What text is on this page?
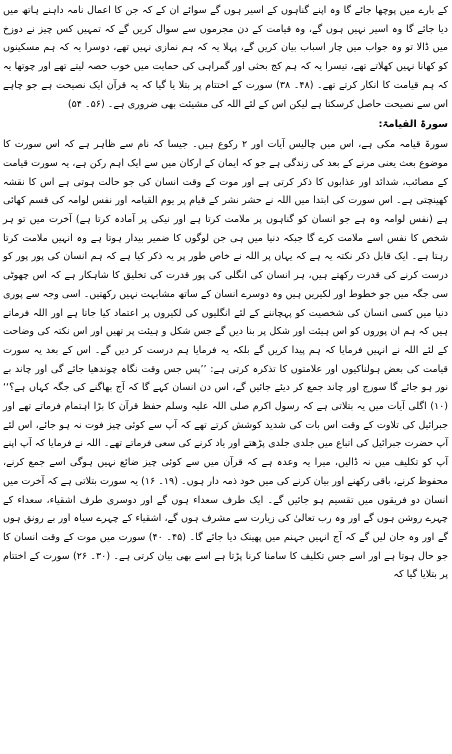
کے بارے میں پوچھا جائے گا وہ اپنے گناہوں کے اسیر ہوں گے سوائے ان کے کہ جن کا اعمال نامہ داہنے ہاتھ میں دیا جائے گا وہ اسیر نہیں ہوں گے، وہ قیامت کے دن مجرموں سے سوال کریں گے کہ تمہیں کس چیز نے دوزخ میں ڈالا تو وہ جواب میں چار اسباب بیان کریں گے، پہلا یہ کہ ہم نمازی نہیں تھے، دوسرا یہ کہ ہم مسکینوں کو کھانا نہیں کھلاتے تھے، تیسرا یہ کہ ہم کج بحثی اور گمراہی کی حمایت میں خوب حصہ لیتے تھے اور چوتھا یہ کہ ہم قیامت کا انکار کرتے تھے۔ (۴۸۔ ۳۸) سورت کے اختتام پر بتلا یا گیا کہ یہ قرآن ایک نصیحت ہے جو چاہے اس سے نصیحت حاصل کرسکتا ہے لیکن اس کے لئے اللہ کی مشیئت بھی ضروری ہے۔ (۵۶۔ ۵۴)

سورۃ القیامۃ:

سورۃ قیامہ مکی ہے، اس میں چالیس آیات اور ۲ رکوع ہیں۔ جیسا کہ نام سے ظاہر ہے کہ اس سورت کا موضوع بعث یعنی مرنے کے بعد کی زندگی ہے جو کہ ایمان کے ارکان میں سے ایک اہم رکن ہے، یہ سورت قیامت کے مصائب، شدائد اور عذابوں کا ذکر کرتی ہے اور موت کے وقت انسان کی جو حالت ہوتی ہے اس کا نقشہ کھینچتی ہے۔ اس سورت کی ابتدا میں اللہ نے حشر نشر کے قیام پر یوم القیامہ اور نفس لوامہ کی قسم کھائی ہے (نفس لوامہ وہ ہے جو انسان کو گناہوں پر ملامت کرتا ہے اور نیکی پر آمادہ کرتا ہے) آخرت میں تو ہر شخص کا نفس اسے ملامت کرے گا جبکہ دنیا میں ہی جن لوگوں کا ضمیر بیدار ہوتا ہے وہ انہیں ملامت کرتا رہتا ہے۔ ایک قابل ذکر نکتہ یہ ہے کہ یہاں پر اللہ نے خاص طور پر یہ ذکر کیا ہے کہ ہم انسان کی پور پور کو درست کرنے کی قدرت رکھتے ہیں، ہر انسان کی انگلی کی پور قدرت کی تخلیق کا شاہکار ہے کہ اس چھوٹی سی جگہ میں جو خطوط اور لکیریں ہیں وہ دوسرے انسان کے ساتھ مشابہت نہیں رکھتیں۔ اسی وجہ سے پوری دنیا میں کسی انسان کی شخصیت کو پہچاننے کے لئے انگلیوں کی لکیروں پر اعتماد کیا جاتا ہے اور اللہ فرماتے ہیں کہ ہم ان پوروں کو اس ہیئت اور شکل پر بنا دیں گے جس شکل و ہیئت پر تھیں اور اس نکتہ کی وضاحت کے لئے اللہ نے انہیں فرمایا کہ ہم پیدا کریں گے بلکہ یہ فرمایا ہم درست کر دیں گے۔ اس کے بعد یہ سورت قیامت کی بعض ہولناکیوں اور علامتوں کا تذکرہ کرتی ہے: ’’پس جس وقت نگاہ چوندھیا جائے گی اور چاند بے نور ہو جائے گا سورج اور چاند جمع کر دیئے جائیں گے، اس دن انسان کہے گا کہ آج بھاگنے کی جگہ کہاں ہے؟‘‘ (۱۰) اگلی آیات میں یہ بتلاتی ہے کہ رسول اکرم صلی اللہ علیہ وسلم حفظ قرآن کا بڑا اہتمام فرماتے تھے اور جبرائیل کی تلاوت کے وقت اس بات کی شدید کوشش کرتے تھے کہ آپ سے کوئی چیز فوت نہ ہو جائے، اس لئے آپ حضرت جبرائیل کی اتباع میں جلدی جلدی پڑھتے اور یاد کرنے کی سعی فرماتے تھے۔ اللہ نے فرمایا کہ آپ اپنے آپ کو تکلیف میں نہ ڈالیں، میرا یہ وعدہ ہے کہ قرآن میں سے کوئی چیز ضائع نہیں ہوگی اسے جمع کرنے، محفوظ کرنے، باقی رکھنے اور بیان کرنے کی میں خود ذمہ دار ہوں۔ (۱۹۔ ۱۶) یہ سورت بتلاتی ہے کہ آخرت میں انسان دو فریقوں میں تقسیم ہو جائیں گے۔ ایک طرف سعداء ہوں گے اور دوسری طرف اشقیاء، سعداء کے چہرے روشن ہوں گے اور وہ رب تعالیٰ کی زیارت سے مشرف ہوں گے، اشقیاء کے چہرے سیاہ اور بے رونق ہوں گے اور وہ جان لیں گے کہ آج انہیں جہنم میں پھینک دیا جائے گا۔ (۴۵۔ ۴۰) سورت میں موت کے وقت انسان کا جو حال ہوتا ہے اور اسے جس تکلیف کا سامنا کرنا پڑتا ہے اسے بھی بیان کرتی ہے۔ (۳۰۔ ۲۶) سورت کے اختتام پر بتلایا گیا کہ
